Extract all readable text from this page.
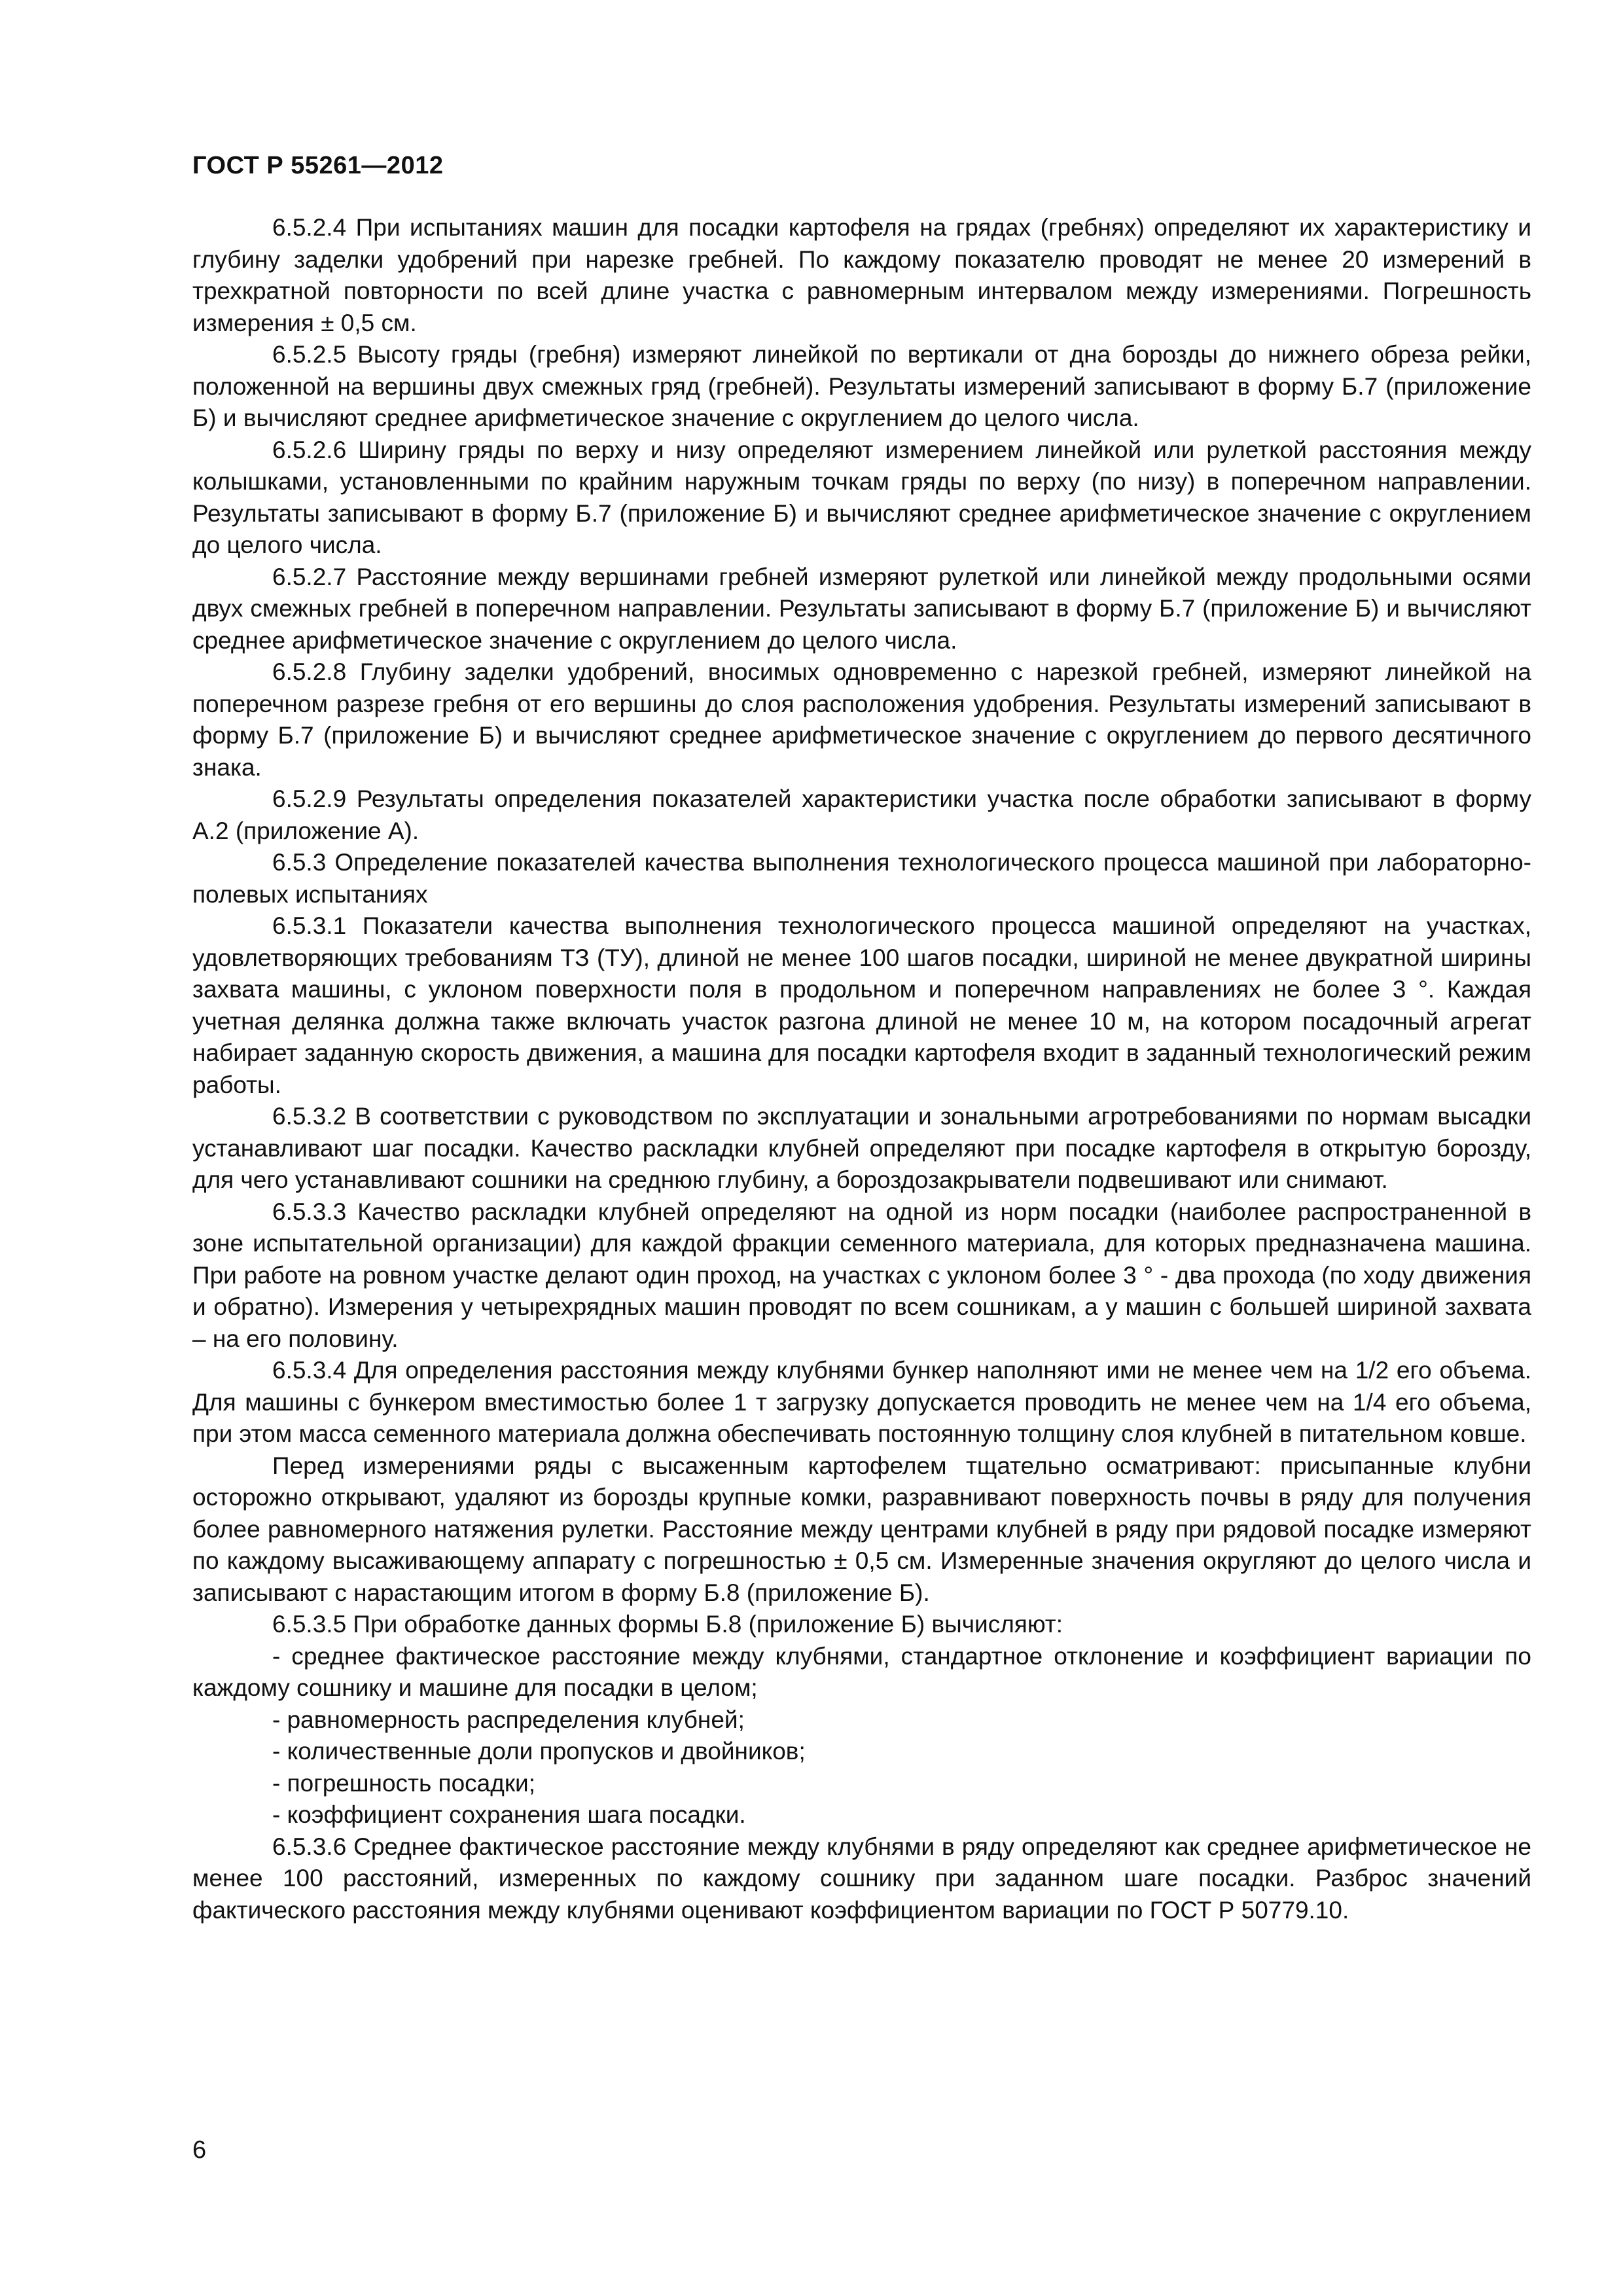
ГОСТ Р 55261—2012

6.5.2.4 При испытаниях машин для посадки картофеля на грядах (гребнях) определяют их характеристику и глубину заделки удобрений при нарезке гребней. По каждому показателю проводят не менее 20 измерений в трехкратной повторности по всей длине участка с равномерным интервалом между измерениями. Погрешность измерения ± 0,5 см.

6.5.2.5 Высоту гряды (гребня) измеряют линейкой по вертикали от дна борозды до нижнего обреза рейки, положенной на вершины двух смежных гряд (гребней). Результаты измерений записывают в форму Б.7 (приложение Б) и вычисляют среднее арифметическое значение с округлением до целого числа.

6.5.2.6 Ширину гряды по верху и низу определяют измерением линейкой или рулеткой расстояния между колышками, установленными по крайним наружным точкам гряды по верху (по низу) в поперечном направлении. Результаты записывают в форму Б.7 (приложение Б) и вычисляют среднее арифметическое значение с округлением до целого числа.

6.5.2.7 Расстояние между вершинами гребней измеряют рулеткой или линейкой между продольными осями двух смежных гребней в поперечном направлении. Результаты записывают в форму Б.7 (приложение Б) и вычисляют среднее арифметическое значение с округлением до целого числа.

6.5.2.8 Глубину заделки удобрений, вносимых одновременно с нарезкой гребней, измеряют линейкой на поперечном разрезе гребня от его вершины до слоя расположения удобрения. Результаты измерений записывают в форму Б.7 (приложение Б) и вычисляют среднее арифметическое значение с округлением до первого десятичного знака.

6.5.2.9 Результаты определения показателей характеристики участка после обработки записывают в форму А.2 (приложение А).

6.5.3 Определение показателей качества выполнения технологического процесса машиной при лабораторно-полевых испытаниях

6.5.3.1 Показатели качества выполнения технологического процесса машиной определяют на участках, удовлетворяющих требованиям ТЗ (ТУ), длиной не менее 100 шагов посадки, шириной не менее двукратной ширины захвата машины, с уклоном поверхности поля в продольном и поперечном направлениях не более 3 °. Каждая учетная делянка должна также включать участок разгона длиной не менее 10 м, на котором посадочный агрегат набирает заданную скорость движения, а машина для посадки картофеля входит в заданный технологический режим работы.

6.5.3.2 В соответствии с руководством по эксплуатации и зональными агротребованиями по нормам высадки устанавливают шаг посадки. Качество раскладки клубней определяют при посадке картофеля в открытую борозду, для чего устанавливают сошники на среднюю глубину, а бороздозакрыватели подвешивают или снимают.

6.5.3.3 Качество раскладки клубней определяют на одной из норм посадки (наиболее распространенной в зоне испытательной организации) для каждой фракции семенного материала, для которых предназначена машина. При работе на ровном участке делают один проход, на участках с уклоном более 3 ° - два прохода (по ходу движения и обратно). Измерения у четырехрядных машин проводят по всем сошникам, а у машин с большей шириной захвата – на его половину.

6.5.3.4 Для определения расстояния между клубнями бункер наполняют ими не менее чем на 1/2 его объема. Для машины с бункером вместимостью более 1 т загрузку допускается проводить не менее чем на 1/4 его объема, при этом масса семенного материала должна обеспечивать постоянную толщину слоя клубней в питательном ковше.

Перед измерениями ряды с высаженным картофелем тщательно осматривают: присыпанные клубни осторожно открывают, удаляют из борозды крупные комки, разравнивают поверхность почвы в ряду для получения более равномерного натяжения рулетки. Расстояние между центрами клубней в ряду при рядовой посадке измеряют по каждому высаживающему аппарату с погрешностью ± 0,5 см. Измеренные значения округляют до целого числа и записывают с нарастающим итогом в форму Б.8 (приложение Б).

6.5.3.5 При обработке данных формы Б.8 (приложение Б) вычисляют:

- среднее фактическое расстояние между клубнями, стандартное отклонение и коэффициент вариации по каждому сошнику и машине для посадки в целом;

- равномерность распределения клубней;

- количественные доли пропусков и двойников;

- погрешность посадки;

- коэффициент сохранения шага посадки.

6.5.3.6 Среднее фактическое расстояние между клубнями в ряду определяют как среднее арифметическое не менее 100 расстояний, измеренных по каждому сошнику при заданном шаге посадки. Разброс значений фактического расстояния между клубнями оценивают коэффициентом вариации по ГОСТ Р 50779.10.

6
